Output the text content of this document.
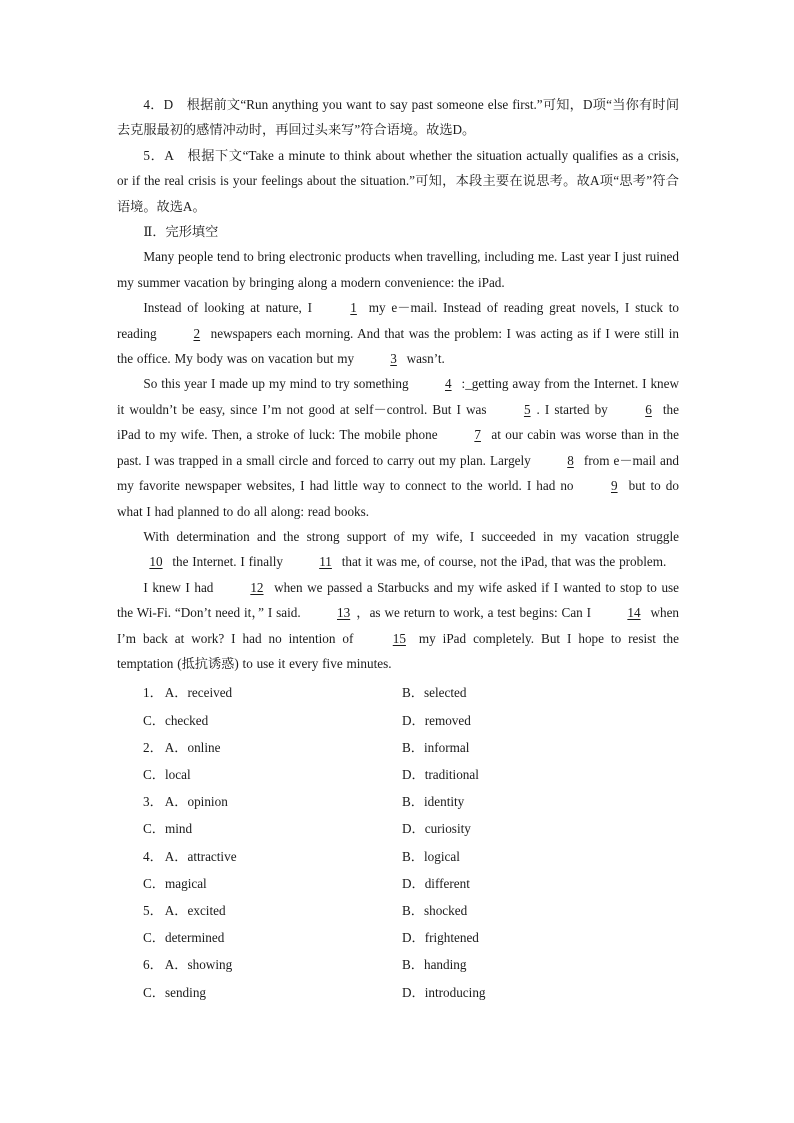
4．D　 根据前文“Run anything you want to say past someone else first.”可知，D项“当你有时间去克服最初的感情冲动时，再回过头来写”符合语境。故选D。

5．A　 根据下文“Take a minute to think about whether the situation actually qualifies as a crisis, or if the real crisis is your feelings about the situation.”可知，本段主要在说思考。故A项“思考”符合语境。故选A。

Ⅱ．完形填空

Many people tend to bring electronic products when travelling, including me. Last year I just ruined my summer vacation by bringing along a modern convenience: the iPad.

Instead of looking at nature, I	1 my e－mail. Instead of reading great novels, I stuck to reading	2 newspapers each morning. And that was the problem: I was acting as if I were still in the office. My body was on vacation but my	3 wasn’t.

So this year I made up my mind to try something	4 :_getting away from the Internet. I knew it wouldn’t be easy, since I’m not good at self－control. But I was	5 . I started by	6 the iPad to my wife. Then, a stroke of luck: The mobile phone	7 at our cabin was worse than in the past. I was trapped in a small circle and forced to carry out my plan. Largely	8 from e－mail and my favorite newspaper websites, I had little way to connect to the world. I had no	9 but to do what I had planned to do all along: read books.

With determination and the strong support of my wife, I succeeded in my vacation struggle 10 the Internet. I finally	11 that it was me, of course, not the iPad, that was the problem.

I knew I had	12 when we passed a Starbucks and my wife asked if I wanted to stop to use the Wi-Fi. “Don’t need it，” I said.	13 ，as we return to work, a test begins: Can I	14 when I’m back at work? I had no intention of	15 my iPad completely. But I hope to resist the temptation (抵抗诱惑) to use it every five minutes.

1． A．received	B．selected
C．checked	D．removed
2． A．online	B．informal
C．local	D．traditional
3． A．opinion	B．identity
C．mind	D．curiosity
4． A．attractive	B．logical
C．magical	D．different
5． A．excited	B．shocked
C．determined	D．frightened
6． A．showing	B．handing
C．sending	D．introducing
